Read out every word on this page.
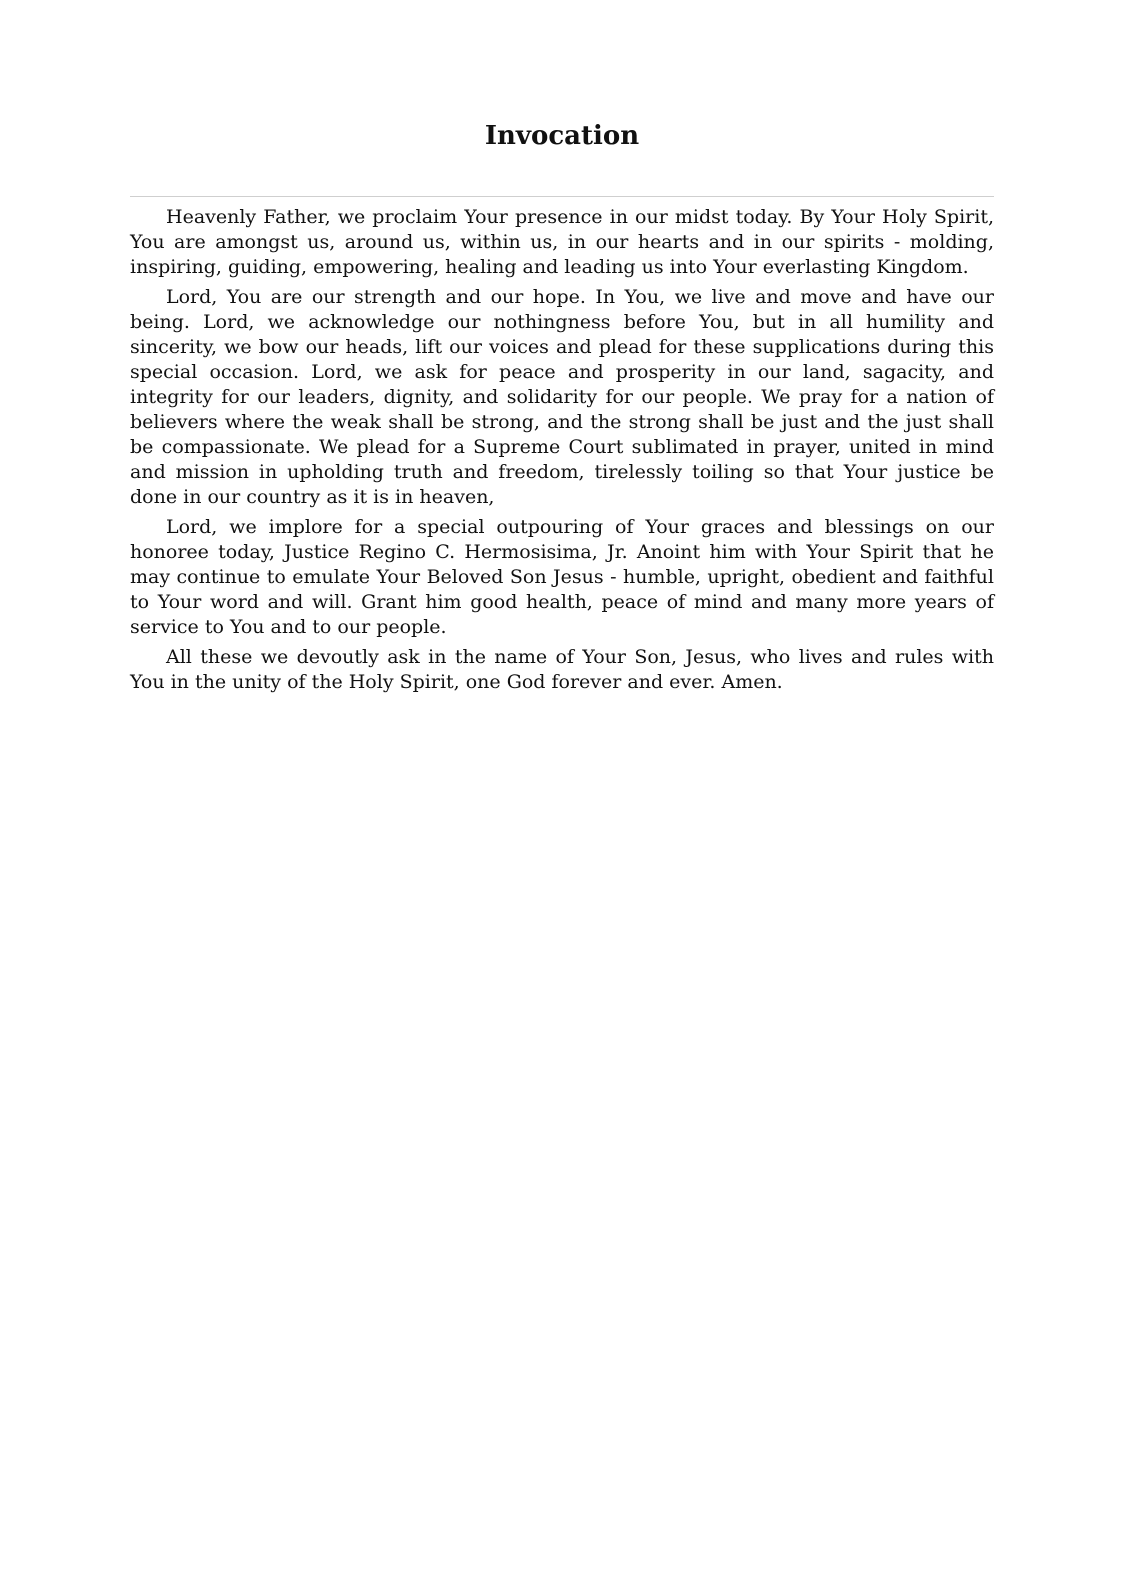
Invocation

Heavenly Father, we proclaim Your presence in our midst today. By Your Holy Spirit, You are amongst us, around us, within us, in our hearts and in our spirits - molding, inspiring, guiding, empowering, healing and leading us into Your everlasting Kingdom.

Lord, You are our strength and our hope. In You, we live and move and have our being. Lord, we acknowledge our nothingness before You, but in all humility and sincerity, we bow our heads, lift our voices and plead for these supplications during this special occasion. Lord, we ask for peace and prosperity in our land, sagacity, and integrity for our leaders, dignity, and solidarity for our people. We pray for a nation of believers where the weak shall be strong, and the strong shall be just and the just shall be compassionate. We plead for a Supreme Court sublimated in prayer, united in mind and mission in upholding truth and freedom, tirelessly toiling so that Your justice be done in our country as it is in heaven,

Lord, we implore for a special outpouring of Your graces and blessings on our honoree today, Justice Regino C. Hermosisima, Jr. Anoint him with Your Spirit that he may continue to emulate Your Beloved Son Jesus - humble, upright, obedient and faithful to Your word and will. Grant him good health, peace of mind and many more years of service to You and to our people.

All these we devoutly ask in the name of Your Son, Jesus, who lives and rules with You in the unity of the Holy Spirit, one God forever and ever. Amen.
